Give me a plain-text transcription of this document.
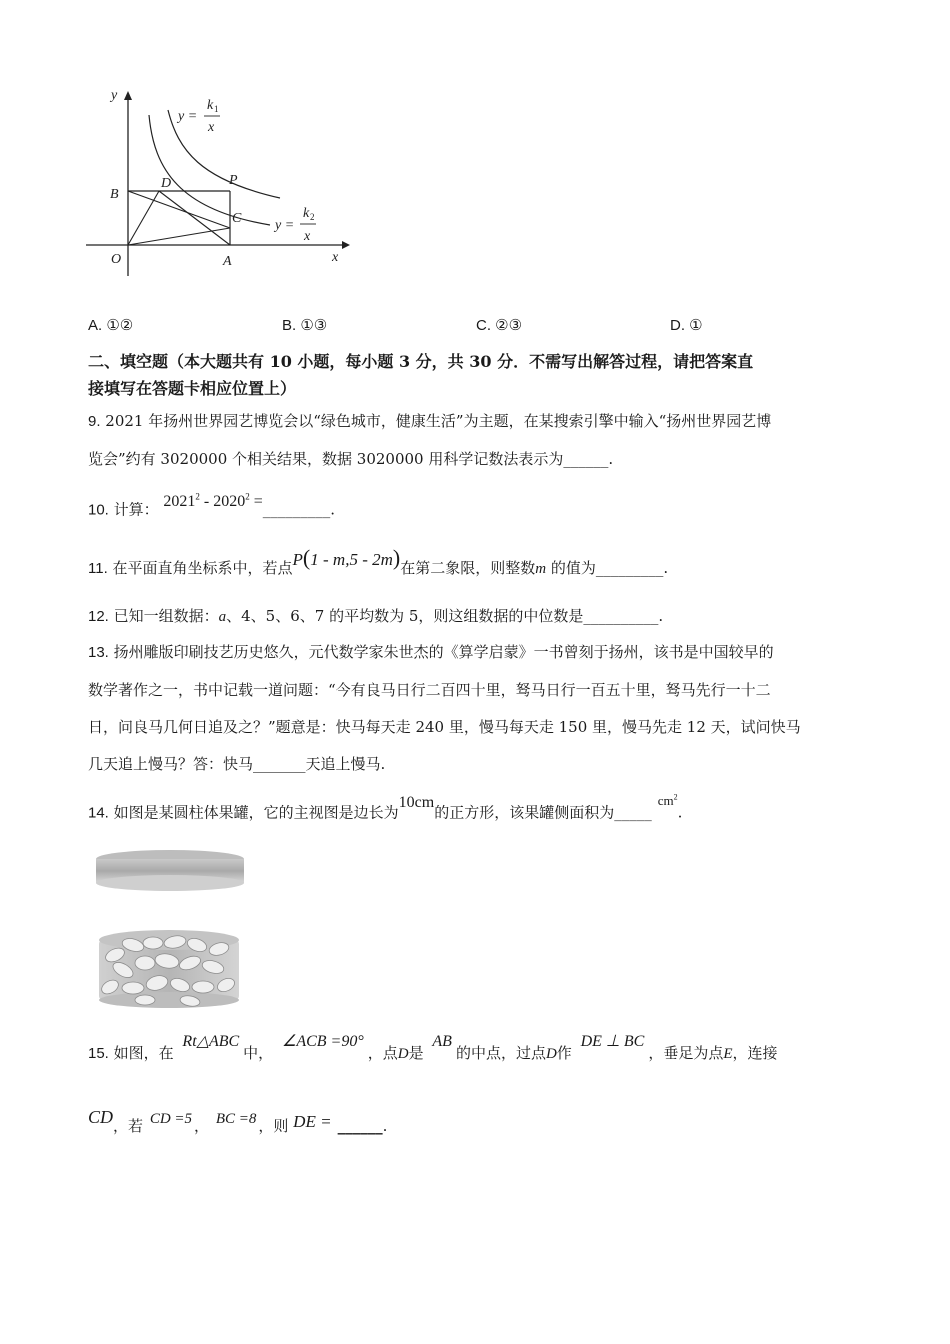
y
x
O	A
B
C
D	P
y =
k 1
x
y =
k 2
x
A. ①②	B. ①③	C. ②③	D. ①
二、填空题（本大题共有 10 小题，每小题 3 分，共 30 分．不需写出解答过程，请把答案直
接填写在答题卡相应位置上）
9. 2021 年扬州世界园艺博览会以“绿色城市，健康生活”为主题，在某搜索引擎中输入“扬州世界园艺博
览会”约有 3020000 个相关结果，数据 3020000 用科学记数法表示为______.
10. 计算： $2021^2 - 2020^2$ =_________.
11. 在平面直角坐标系中，若点P(1 - m,5 - 2m)在第二象限，则整数m 的值为_________.
12. 已知一组数据：a、4、5、6、7 的平均数为 5，则这组数据的中位数是__________.
13. 扬州雕版印刷技艺历史悠久，元代数学家朱世杰的《算学启蒙》一书曾刻于扬州，该书是中国较早的
数学著作之一，书中记载一道问题：“今有良马日行二百四十里，驽马日行一百五十里，驽马先行一十二
日，问良马几何日追及之？”题意是：快马每天走 240 里，慢马每天走 150 里，慢马先走 12 天，试问快马
几天追上慢马？答：快马_______天追上慢马.
14. 如图是某圆柱体果罐，它的主视图是边长为10cm的正方形，该果罐侧面积为$\_\_\_\_\_cm^2$.
15. 如图，在 Rt△ABC中， ∠ACB =90°，点D是 AB的中点，过点D作 DE ⊥ BC，垂足为点E，连接
CD，若 CD =5 ， BC =8 ，则 DE = ______.
